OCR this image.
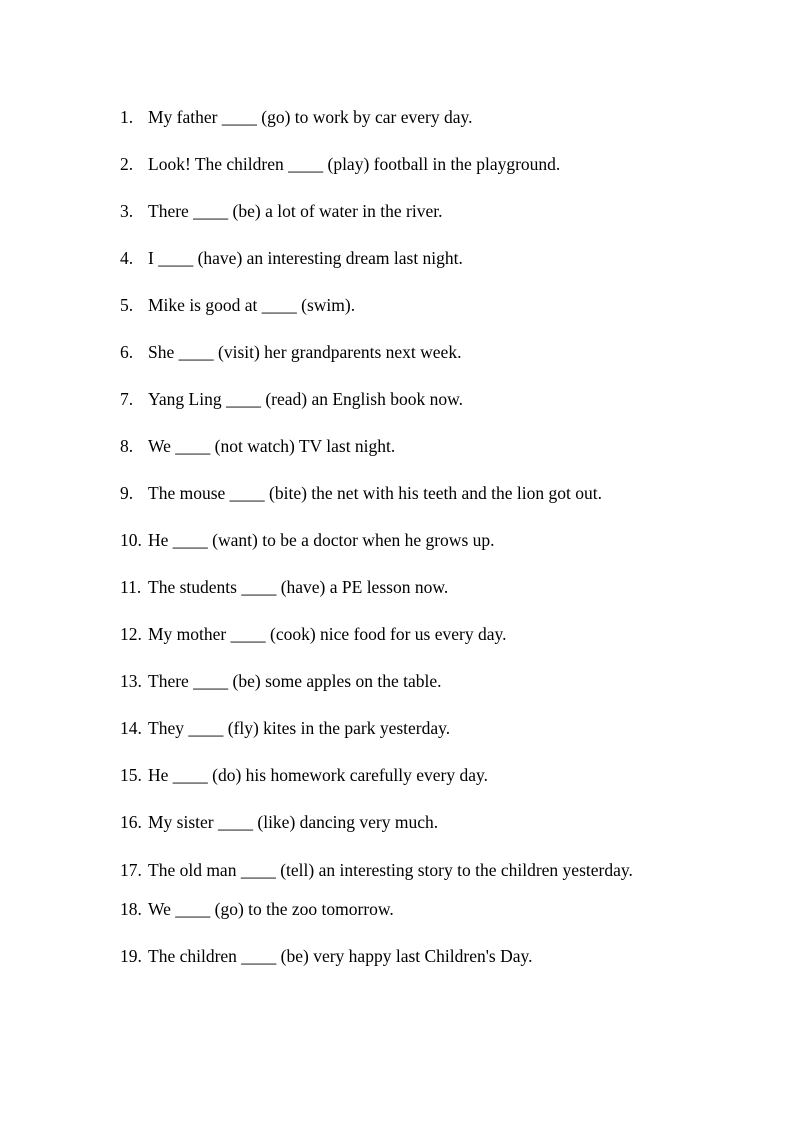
1. My father ____ (go) to work by car every day.
2. Look! The children ____ (play) football in the playground.
3. There ____ (be) a lot of water in the river.
4. I ____ (have) an interesting dream last night.
5. Mike is good at ____ (swim).
6. She ____ (visit) her grandparents next week.
7. Yang Ling ____ (read) an English book now.
8. We ____ (not watch) TV last night.
9. The mouse ____ (bite) the net with his teeth and the lion got out.
10. He ____ (want) to be a doctor when he grows up.
11. The students ____ (have) a PE lesson now.
12. My mother ____ (cook) nice food for us every day.
13. There ____ (be) some apples on the table.
14. They ____ (fly) kites in the park yesterday.
15. He ____ (do) his homework carefully every day.
16. My sister ____ (like) dancing very much.
17. The old man ____ (tell) an interesting story to the children yesterday.
18. We ____ (go) to the zoo tomorrow.
19. The children ____ (be) very happy last Children's Day.
